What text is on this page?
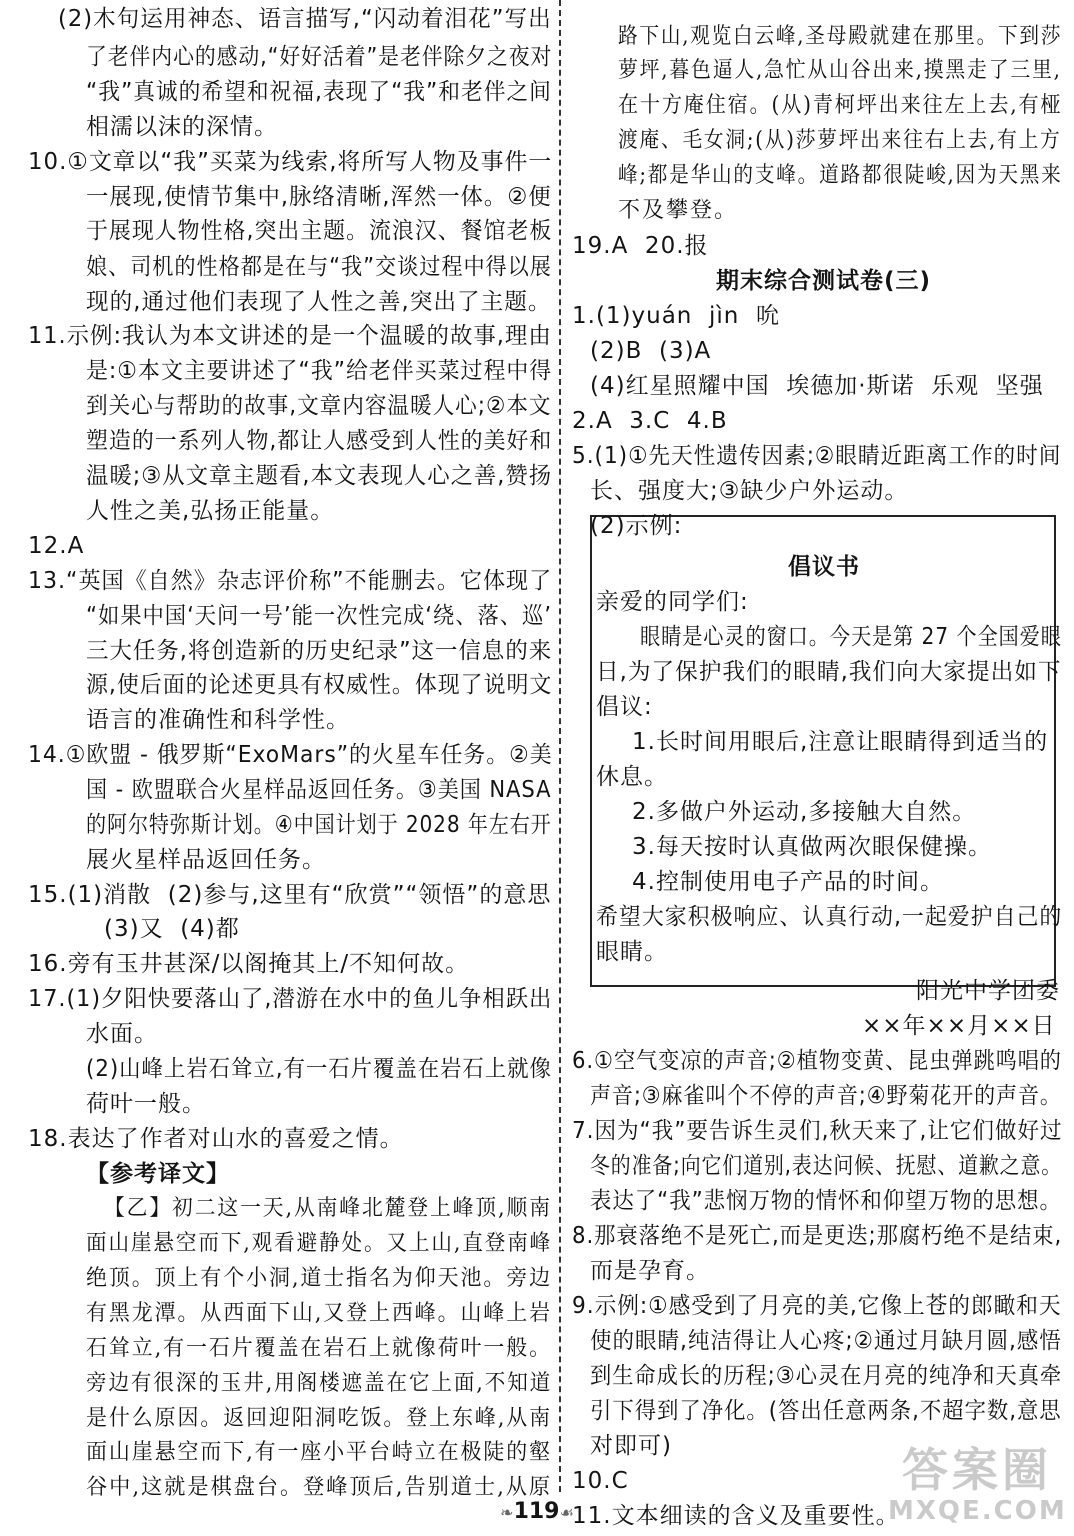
(2)木句运用神态、语言描写,“闪动着泪花”写出
了老伴内心的感动,“好好活着”是老伴除夕之夜对
“我”真诚的希望和祝福,表现了“我”和老伴之间
相濡以沫的深情。
10.①文章以“我”买菜为线索,将所写人物及事件一
一展现,使情节集中,脉络清晰,浑然一体。②便
于展现人物性格,突出主题。流浪汉、餐馆老板
娘、司机的性格都是在与“我”交谈过程中得以展
现的,通过他们表现了人性之善,突出了主题。
11.示例:我认为本文讲述的是一个温暖的故事,理由
是:①本文主要讲述了“我”给老伴买菜过程中得
到关心与帮助的故事,文章内容温暖人心;②本文
塑造的一系列人物,都让人感受到人性的美好和
温暖;③从文章主题看,本文表现人心之善,赞扬
人性之美,弘扬正能量。
12.A
13.“英国《自然》杂志评价称”不能删去。它体现了
“如果中国‘天问一号’能一次性完成‘绕、落、巡’
三大任务,将创造新的历史纪录”这一信息的来
源,使后面的论述更具有权威性。体现了说明文
语言的准确性和科学性。
14.①欧盟 - 俄罗斯“ExoMars”的火星车任务。②美
国 - 欧盟联合火星样品返回任务。③美国 NASA
的阿尔特弥斯计划。④中国计划于 2028 年左右开
展火星样品返回任务。
15.(1)消散  (2)参与,这里有“欣赏”“领悟”的意思
(3)又  (4)都
16.旁有玉井甚深/以阁掩其上/不知何故。
17.(1)夕阳快要落山了,潜游在水中的鱼儿争相跃出
水面。
(2)山峰上岩石耸立,有一石片覆盖在岩石上就像
荷叶一般。
18.表达了作者对山水的喜爱之情。
【参考译文】
【乙】初二这一天,从南峰北麓登上峰顶,顺南
面山崖悬空而下,观看避静处。又上山,直登南峰
绝顶。顶上有个小洞,道士指名为仰天池。旁边
有黑龙潭。从西面下山,又登上西峰。山峰上岩
石耸立,有一石片覆盖在岩石上就像荷叶一般。
旁边有很深的玉井,用阁楼遮盖在它上面,不知道
是什么原因。返回迎阳洞吃饭。登上东峰,从南
面山崖悬空而下,有一座小平台峙立在极陡的壑
谷中,这就是棋盘台。登峰顶后,告别道士,从原
路下山,观览白云峰,圣母殿就建在那里。下到莎
萝坪,暮色逼人,急忙从山谷出来,摸黑走了三里,
在十方庵住宿。(从)青柯坪出来往左上去,有桠
渡庵、毛女洞;(从)莎萝坪出来往右上去,有上方
峰;都是华山的支峰。道路都很陡峻,因为天黑来
不及攀登。
19.A  20.报
期末综合测试卷(三)
1.(1)yuán  jìn  吮
(2)B  (3)A
(4)红星照耀中国  埃德加·斯诺  乐观  坚强
2.A  3.C  4.B
5.(1)①先天性遗传因素;②眼睛近距离工作的时间
长、强度大;③缺少户外运动。
(2)示例:
倡议书
亲爱的同学们:
眼睛是心灵的窗口。今天是第 27 个全国爱眼
日,为了保护我们的眼睛,我们向大家提出如下
倡议:
1.长时间用眼后,注意让眼睛得到适当的
休息。
2.多做户外运动,多接触大自然。
3.每天按时认真做两次眼保健操。
4.控制使用电子产品的时间。
希望大家积极响应、认真行动,一起爱护自己的
眼睛。
阳光中学团委
××年××月××日
6.①空气变凉的声音;②植物变黄、昆虫弹跳鸣唱的
声音;③麻雀叫个不停的声音;④野菊花开的声音。
7.因为“我”要告诉生灵们,秋天来了,让它们做好过
冬的准备;向它们道别,表达问候、抚慰、道歉之意。
表达了“我”悲悯万物的情怀和仰望万物的思想。
8.那衰落绝不是死亡,而是更迭;那腐朽绝不是结束,
而是孕育。
9.示例:①感受到了月亮的美,它像上苍的郎瞰和天
使的眼睛,纯洁得让人心疼;②通过月缺月圆,感悟
到生命成长的历程;③心灵在月亮的纯净和天真牵
引下得到了净化。(答出任意两条,不超字数,意思
对即可)
10.C
11.文本细读的含义及重要性。
❧119☙
答案圈
MXQE.COM
